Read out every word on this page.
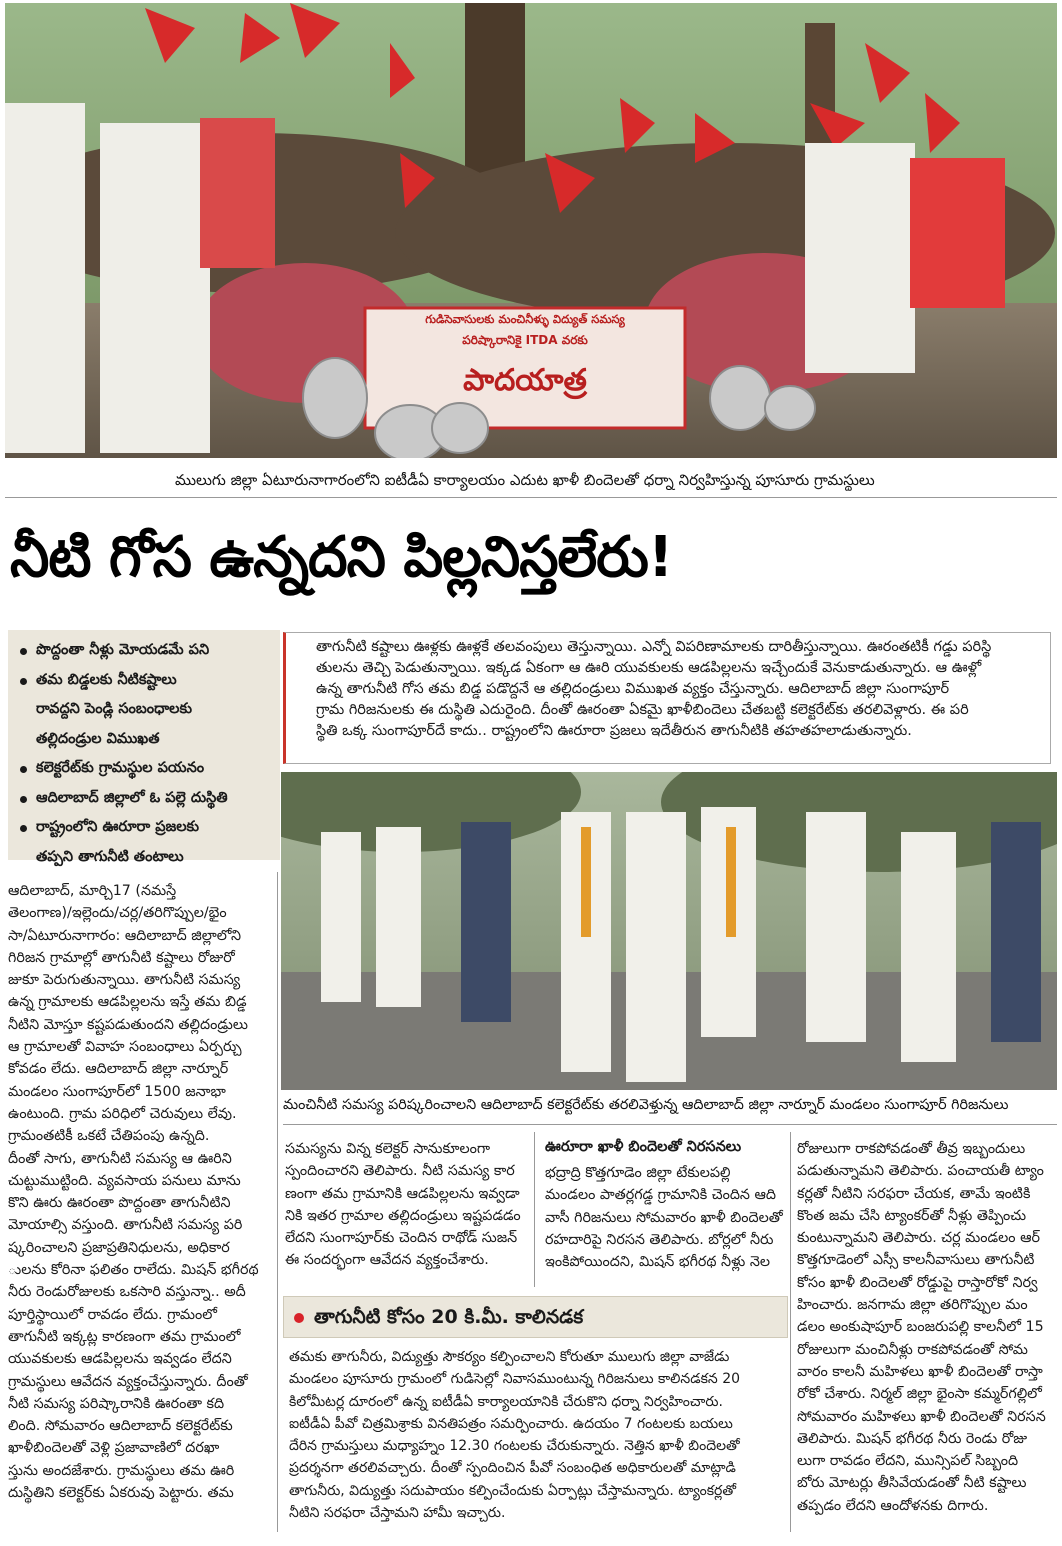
గుడిసెవాసులకు మంచినీళ్ళు విద్యుత్ సమస్య
పరిష్కారానికై ITDA వరకు
పాదయాత్ర
ములుగు జిల్లా ఏటూరునాగారంలోని ఐటీడీఏ కార్యాలయం ఎదుట ఖాళీ బిందెలతో ధర్నా నిర్వహిస్తున్న పూసూరు గ్రామస్థులు
నీటి గోస ఉన్నదని పిల్లనిస్తలేరు!
పొద్దంతా నీళ్లు మోయడమే పని
తమ బిడ్డలకు నీటికష్టాలు
రావద్దని పెండ్లి సంబంధాలకు
తల్లిదండ్రుల విముఖత
కలెక్టరేట్‌కు గ్రామస్థుల పయనం
ఆదిలాబాద్ జిల్లాలో ఓ పల్లె దుస్థితి
రాష్ట్రంలోని ఊరూరా ప్రజలకు
తప్పని తాగునీటి తంటాలు

తాగునీటి కష్టాలు ఊళ్లకు ఊళ్లకే తలవంపులు తెస్తున్నాయి. ఎన్నో విపరిణామాలకు దారితీస్తున్నాయి. ఊరంతటికీ గడ్డు పరిస్థి

తులను తెచ్చి పెడుతున్నాయి. ఇక్కడ ఏకంగా ఆ ఊరి యువకులకు ఆడపిల్లలను ఇచ్చేందుకే వెనుకాడుతున్నారు. ఆ ఊళ్లో

ఉన్న తాగునీటి గోస తమ బిడ్డ పడొద్దనే ఆ తల్లిదండ్రులు విముఖత వ్యక్తం చేస్తున్నారు. ఆదిలాబాద్ జిల్లా సుంగాపూర్

గ్రామ గిరిజనులకు ఈ దుస్థితి ఎదురైంది. దీంతో ఊరంతా ఏకమై ఖాళీబిందెలు చేతబట్టి కలెక్టరేట్‌కు తరలివెళ్లారు. ఈ పరి

స్థితి ఒక్క సుంగాపూర్‌దే కాదు.. రాష్ట్రంలోని ఊరూరా ప్రజలు ఇదేతీరున తాగునీటికి తహతహలాడుతున్నారు.

మంచినీటి సమస్య పరిష్కరించాలని ఆదిలాబాద్ కలెక్టరేట్‌కు తరలివెళ్తున్న ఆదిలాబాద్ జిల్లా నార్నూర్ మండలం సుంగాపూర్ గిరిజనులు

ఆదిలాబాద్, మార్చి17 (నమస్తే

తెలంగాణ)/ఇల్లెందు/చర్ల/తరిగొప్పుల/భైం

సా/ఏటూరునాగారం: ఆదిలాబాద్ జిల్లాలోని

గిరిజన గ్రామాల్లో తాగునీటి కష్టాలు రోజురో

జుకూ పెరుగుతున్నాయి. తాగునీటి సమస్య

ఉన్న గ్రామాలకు ఆడపిల్లలను ఇస్తే తమ బిడ్డ

నీటిని మోస్తూ కష్టపడుతుందని తల్లిదండ్రులు

ఆ గ్రామాలతో వివాహ సంబంధాలు ఏర్పర్చు

కోవడం లేదు. ఆదిలాబాద్ జిల్లా నార్నూర్

మండలం సుంగాపూర్‌లో 1500 జనాభా

ఉంటుంది. గ్రామ పరిధిలో చెరువులు లేవు.

గ్రామంతటికీ ఒకటే చేతిపంపు ఉన్నది.

దీంతో సాగు, తాగునీటి సమస్య ఆ ఊరిని

చుట్టుముట్టింది. వ్యవసాయ పనులు మాను

కొని ఊరు ఊరంతా పొద్దంతా తాగునీటిని

మోయాల్సి వస్తుంది. తాగునీటి సమస్య పరి

ష్కరించాలని ప్రజాప్రతినిధులను, అధికార

ులను కోరినా ఫలితం రాలేదు. మిషన్ భగీరథ

నీరు రెండురోజులకు ఒకసారి వస్తున్నా.. అదీ

పూర్తిస్థాయిలో రావడం లేదు. గ్రామంలో

తాగునీటి ఇక్కట్ల కారణంగా తమ గ్రామంలో

యువకులకు ఆడపిల్లలను ఇవ్వడం లేదని

గ్రామస్థులు ఆవేదన వ్యక్తంచేస్తున్నారు. దీంతో

నీటి సమస్య పరిష్కారానికి ఊరంతా కది

లింది. సోమవారం ఆదిలాబాద్ కలెక్టరేట్‌కు

ఖాళీబిందెలతో వెళ్లి ప్రజావాణిలో దరఖా

స్తును అందజేశారు. గ్రామస్థులు తమ ఊరి

దుస్థితిని కలెక్టర్‌కు ఏకరువు పెట్టారు. తమ

సమస్యను విన్న కలెక్టర్ సానుకూలంగా

స్పందించారని తెలిపారు. నీటి సమస్య కార

ణంగా తమ గ్రామానికి ఆడపిల్లలను ఇవ్వడా

నికి ఇతర గ్రామాల తల్లిదండ్రులు ఇష్టపడడం

లేదని సుంగాపూర్‌కు చెందిన రాథోడ్ సుజన్

ఈ సందర్భంగా ఆవేదన వ్యక్తంచేశారు.

ఊరూరా ఖాళీ బిందెలతో నిరసనలు

భద్రాద్రి కొత్తగూడెం జిల్లా టేకులపల్లి

మండలం పాతర్లగడ్డ గ్రామానికి చెందిన ఆది

వాసీ గిరిజనులు సోమవారం ఖాళీ బిందెలతో

రహదారిపై నిరసన తెలిపారు. బోర్లలో నీరు

ఇంకిపోయిందని, మిషన్ భగీరథ నీళ్లు నెల

తాగునీటి కోసం 20 కి.మీ. కాలినడక

తమకు తాగునీరు, విద్యుత్తు సౌకర్యం కల్పించాలని కోరుతూ ములుగు జిల్లా వాజేడు

మండలం పూసూరు గ్రామంలో గుడిసెల్లో నివాసముంటున్న గిరిజనులు కాలినడకన 20

కిలోమీటర్ల దూరంలో ఉన్న ఐటీడీఏ కార్యాలయానికి చేరుకొని ధర్నా నిర్వహించారు.

ఐటీడీఏ పీవో చిత్రమిశ్రాకు వినతిపత్రం సమర్పించారు. ఉదయం 7 గంటలకు బయలు

దేరిన గ్రామస్తులు మధ్యాహ్నం 12.30 గంటలకు చేరుకున్నారు. నెత్తిన ఖాళీ బిందెలతో

ప్రదర్శనగా తరలివచ్చారు. దీంతో స్పందించిన పీవో సంబంధిత అధికారులతో మాట్లాడి

తాగునీరు, విద్యుత్తు సదుపాయం కల్పించేందుకు ఏర్పాట్లు చేస్తామన్నారు. ట్యాంకర్లతో

నీటిని సరఫరా చేస్తామని హామీ ఇచ్చారు.

రోజులుగా రాకపోవడంతో తీవ్ర ఇబ్బందులు

పడుతున్నామని తెలిపారు. పంచాయతీ ట్యాం

కర్లతో నీటిని సరఫరా చేయక, తామే ఇంటికి

కొంత జమ చేసి ట్యాంకర్‌తో నీళ్లు తెప్పించు

కుంటున్నామని తెలిపారు. చర్ల మండలం ఆర్

కొత్తగూడెంలో ఎస్సీ కాలనీవాసులు తాగునీటి

కోసం ఖాళీ బిందెలతో రోడ్డుపై రాస్తారోకో నిర్వ

హించారు. జనగామ జిల్లా తరిగొప్పుల మం

డలం అంకుషాపూర్ బంజరుపల్లి కాలనీలో 15

రోజులుగా మంచినీళ్లు రాకపోవడంతో సోమ

వారం కాలనీ మహిళలు ఖాళీ బిందెలతో రాస్తా

రోకో చేశారు. నిర్మల్ జిల్లా భైంసా కమ్మర్‌గల్లిలో

సోమవారం మహిళలు ఖాళీ బిందెలతో నిరసన

తెలిపారు. మిషన్ భగీరథ నీరు రెండు రోజు

లుగా రావడం లేదని, మున్సిపల్ సిబ్బంది

బోరు మోటర్లు తీసివేయడంతో నీటి కష్టాలు

తప్పడం లేదని ఆందోళనకు దిగారు.
